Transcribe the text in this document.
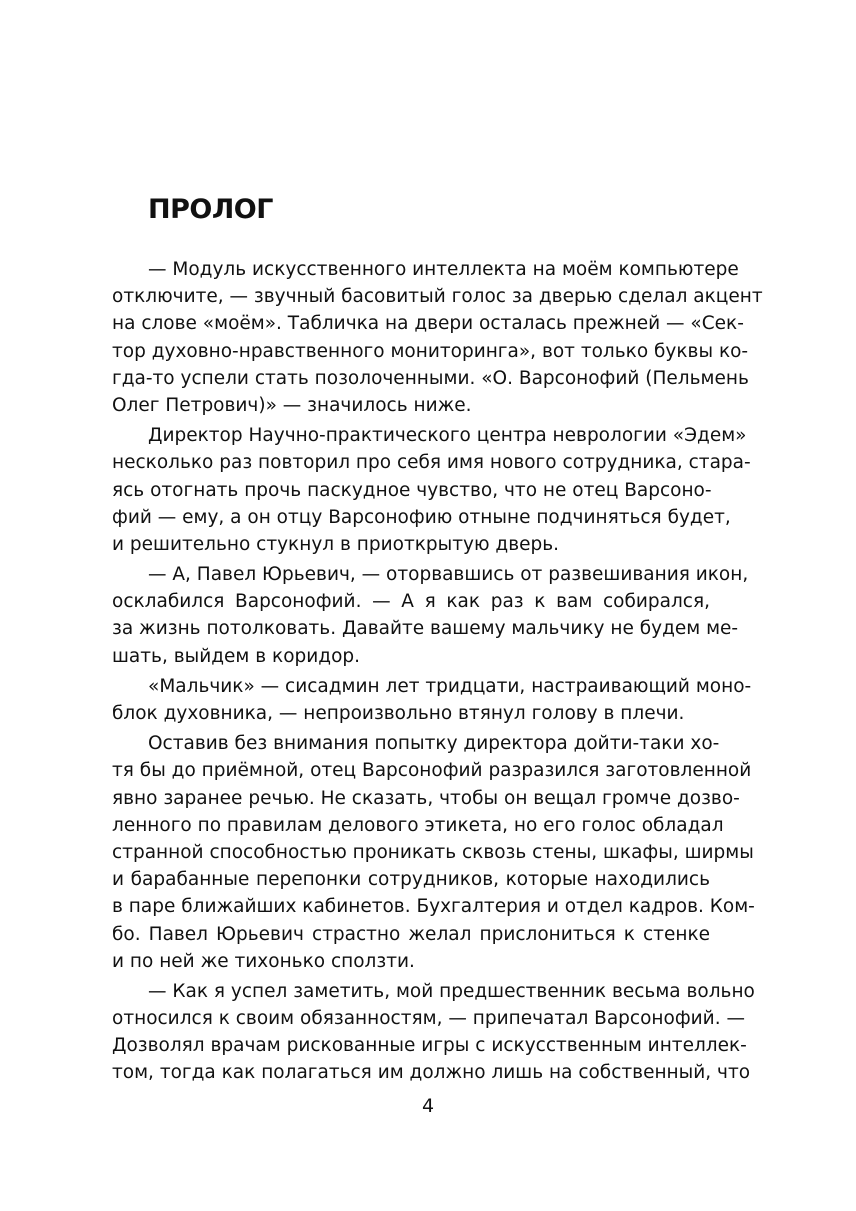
ПРОЛОГ
— Модуль искусственного интеллекта на моём компьютере
отключите, — звучный басовитый голос за дверью сделал акцент
на слове «моём». Табличка на двери осталась прежней — «Сек-
тор духовно-нравственного мониторинга», вот только буквы ко-
гда-то успели стать позолоченными. «О. Варсонофий (Пельмень
Олег Петрович)» — значилось ниже.
Директор Научно-практического центра неврологии «Эдем»
несколько раз повторил про себя имя нового сотрудника, стара-
ясь отогнать прочь паскудное чувство, что не отец Варсоно-
фий — ему, а он отцу Варсонофию отныне подчиняться будет,
и решительно стукнул в приоткрытую дверь.
— А, Павел Юрьевич, — оторвавшись от развешивания икон,
осклабился Варсонофий. — А я как раз к вам собирался,
за жизнь потолковать. Давайте вашему мальчику не будем ме-
шать, выйдем в коридор.
«Мальчик» — сисадмин лет тридцати, настраивающий моно-
блок духовника, — непроизвольно втянул голову в плечи.
Оставив без внимания попытку директора дойти-таки хо-
тя бы до приёмной, отец Варсонофий разразился заготовленной
явно заранее речью. Не сказать, чтобы он вещал громче дозво-
ленного по правилам делового этикета, но его голос обладал
странной способностью проникать сквозь стены, шкафы, ширмы
и барабанные перепонки сотрудников, которые находились
в паре ближайших кабинетов. Бухгалтерия и отдел кадров. Ком-
бо. Павел Юрьевич страстно желал прислониться к стенке
и по ней же тихонько сползти.
— Как я успел заметить, мой предшественник весьма вольно
относился к своим обязанностям, — припечатал Варсонофий. —
Дозволял врачам рискованные игры с искусственным интеллек-
том, тогда как полагаться им должно лишь на собственный, что
4
